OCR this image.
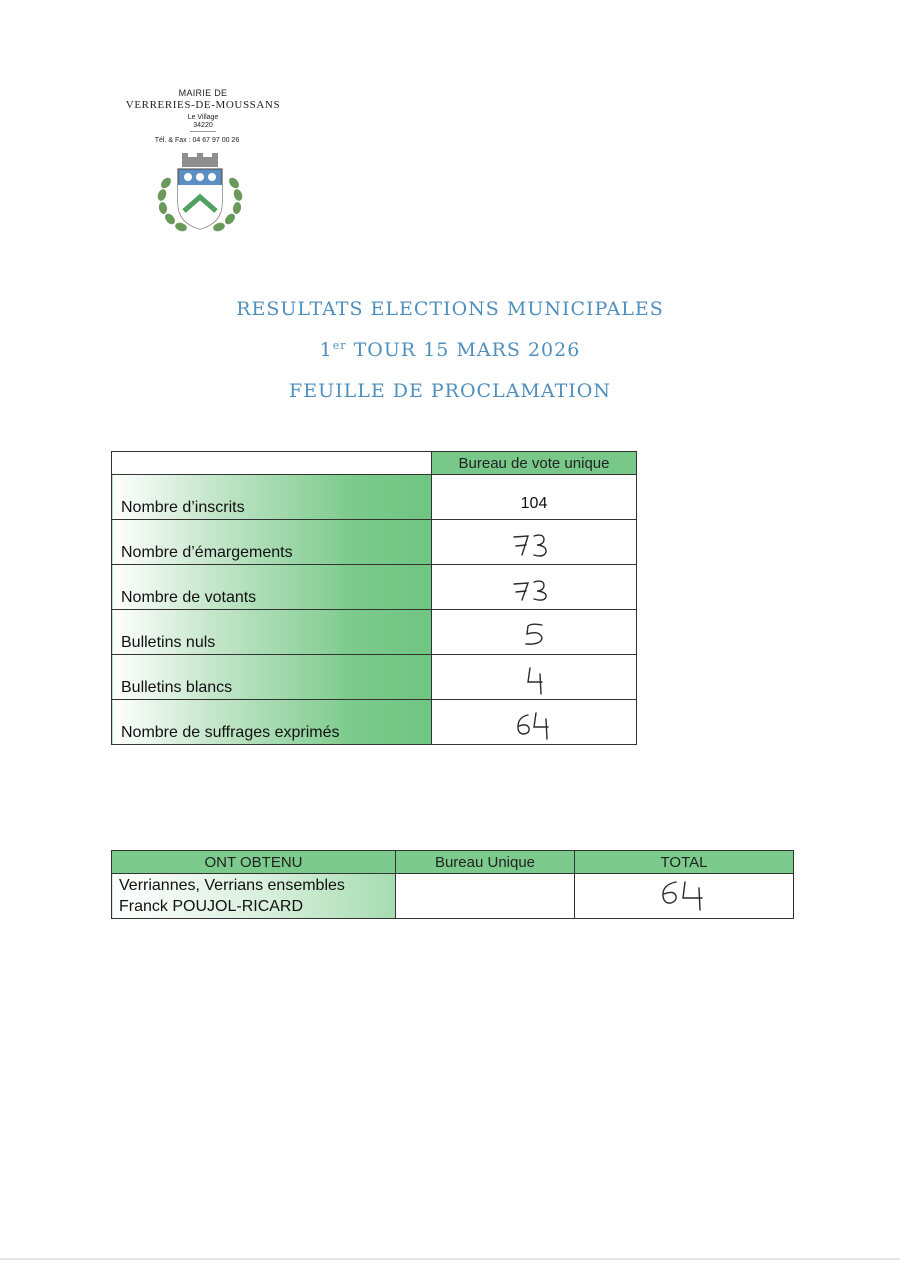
MAIRIE DE
VERRERIES-DE-MOUSSANS
Le Village
34220
Tél. & Fax : 04 67 97 00 26
RESULTATS ELECTIONS MUNICIPALES
1er TOUR 15 MARS 2026
FEUILLE DE PROCLAMATION
	Bureau de vote unique
Nombre d’inscrits	104
Nombre d’émargements	73

Nombre de votants	73

Bulletins nuls	5

Bulletins blancs	4

Nombre de suffrages exprimés	64
ONT OBTENU	Bureau Unique	TOTAL

Verriannes, Verrians ensembles
Franck POUJOL-RICARD		64
